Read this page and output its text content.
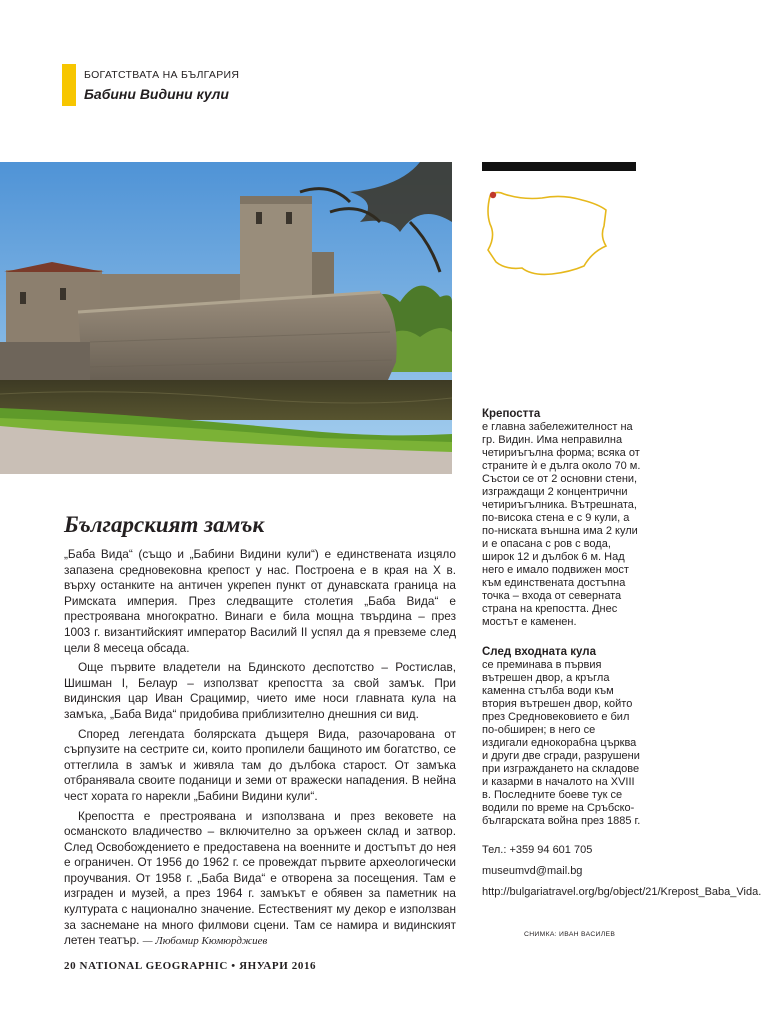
БОГАТСТВАТА НА БЪЛГАРИЯ
Бабини Видини кули
Крепостта

е главна забележителност на гр. Видин. Има неправилна четириъгълна форма; всяка от страните ѝ е дълга около 70 м. Състои се от 2 основни стени, изграждащи 2 концентрични четириъгълника. Вътрешната, по-висока стена е с 9 кули, а по-ниската външна има 2 кули и е опасана с ров с вода, широк 12 и дълбок 6 м. Над него е имало подвижен мост към единствената достъпна точка – входа от северната страна на крепостта. Днес мостът е каменен.

След входната кула

се преминава в първия вътрешен двор, а кръгла каменна стълба води към втория вътрешен двор, който през Средновековието е бил по-обширен; в него се издигали еднокорабна църква и други две сгради, разрушени при изграждането на складове и казарми в началото на XVIII в. Последните боеве тук се водили по време на Сръбско-българската война през 1885 г.

Тел.: +359 94 601 705

museumvd@mail.bg

http://bulgariatravel.org/bg/object/21/Krepost_Baba_Vida.

СНИМКА: ИВАН ВАСИЛЕВ
Българският замък

„Баба Вида“ (също и „Бабини Видини кули“) е единствената изцяло запазена средновековна крепост у нас. Построена е в края на Х в. върху останките на античен укрепен пункт от дунавската граница на Римската империя. През следващите столетия „Баба Вида“ е престроявана многократно. Винаги е била мощна твърдина – през 1003 г. византийският император Василий II успял да я превземе след цели 8 месеца обсада.

Още първите владетели на Бдинското деспотство – Ростислав, Шишман I, Белаур – използват крепостта за свой замък. При видинския цар Иван Срацимир, чието име носи главната кула на замъка, „Баба Вида“ придобива приблизително днешния си вид.

Според легендата болярската дъщеря Вида, разочарована от сърпузите на сестрите си, които пропилели бащиното им богатство, се оттеглила в замък и живяла там до дълбока старост. От замъка отбранявала своите поданици и земи от вражески нападения. В нейна чест хората го нарекли „Бабини Видини кули“.

Крепостта е престроявана и използвана и през вековете на османското владичество – включително за оръжеен склад и затвор. След Освобождението е предоставена на военните и достъпът до нея е ограничен. От 1956 до 1962 г. се провеждат първите археологически проучвания. От 1958 г. „Баба Вида“ е отворена за посещения. Там е изграден и музей, а през 1964 г. замъкът е обявен за паметник на културата с национално значение. Естественият му декор е използван за заснемане на много филмови сцени. Там се намира и видинският летен театър. — Любомир Кюмюрджиев

20 NATIONAL GEOGRAPHIC • ЯНУАРИ 2016
